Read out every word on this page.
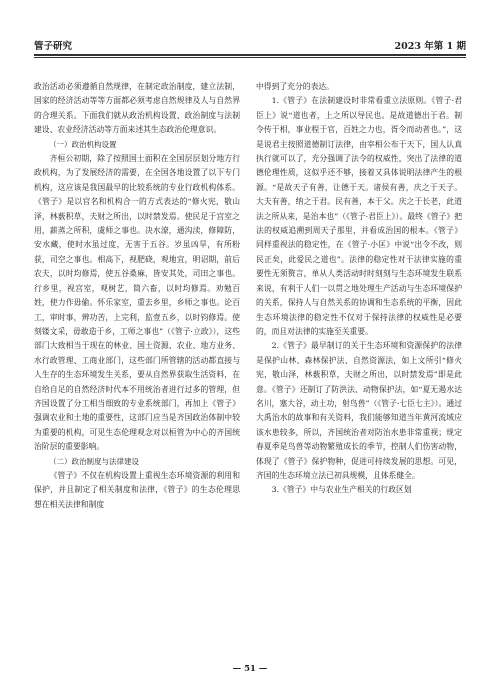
管子研究	2023 年第 1 期

政治活动必须遵循自然规律，在制定政治制度，建立法制，国家的经济活动等等方面都必须考虑自然规律及人与自然界的合理关系。下面我们就从政治机构设置、政治制度与法制建设、农业经济活动等方面来述其生态政治伦理意识。

（一）政治机构设置

齐桓公初期，除了按照国土面积在全国层层划分地方行政机构，为了发展经济的需要，在全国各地设置了以下专门机构，这应该是我国最早的比较系统的专业行政机构体系。《管子》是以官名和机构合一的方式表达的“修火宪，敬山泽，林薮积草，夫财之所出，以时禁发焉。使民足于宫室之用，薪蒸之所积，虞师之事也。决水潦，通沟渎，修障防，安水藏，使时水虽过度，无害于五谷。岁虽凶旱，有所粉获，司空之事也。相高下，视肥硗，观地宜，明诏期，前后农夫，以时均修焉，使五谷桑麻，皆安其处，司田之事也。行乡里，视宫室，观树艺，简六畜，以时均修焉。劝勉百姓，使力作毋偷。怀乐家室，重去乡里，乡师之事也。论百工，审时事，辨功苦，上完利，监壹五乡，以时钧修焉。使刻镂文采，毋敢造于乡，工师之事也”（《管子·立政》），这些部门大致相当于现在的林业、国土资源、农业、地方业务、水行政管理、工商业部门，这些部门所管辖的活动都直接与人生存的生态环境发生关系，要从自然界获取生活资料，在自给自足的自然经济时代本不用统治者进行过多的管理，但齐国设置了分工相当细致的专业系统部门，再加上《管子》强调农业和土地的重要性，这部门应当是齐国政治体制中较为重要的机构，可见生态伦理观念对以桓管为中心的齐国统治阶层的重要影响。

（二）政治制度与法律建设

《管子》不仅在机构设置上重视生态环境资源的利用和保护，并且制定了相关制度和法律，《管子》的生态伦理思想在相关法律和制度

中得到了充分的表达。

1.《管子》在法制建设时非常看重立法原则。《管子·君臣上》说“道也者，上之所以导民也。是故道德出于君。制令传于相，事业程于官，百姓之力也，胥令而动者也。”，这是说君主按照道德制订法律，由宰相公布于天下，国人认真执行就可以了，充分强调了法令的权威性，突出了法律的道德伦理性质，这似乎还不够，接着又具体说明法律产生的根源。“是故天子有善，让德于天。诸侯有善，庆之于天子。大夫有善，纳之于君。民有善，本于父。庆之于长老，此道法之所从来，是治本也”（《管子·君臣上》）。最终《管子》把法的权威追溯到周天子那里，并看成治国的根本。《管子》同样重视法的稳定性，在《管子·小匡》中说“出令不改，则民正矣，此爱民之道也”。法律的稳定性对于法律实施的重要性无须赘言，单从人类活动时时刻刻与生态环境发生联系来说，有利于人们一以贯之地处理生产活动与生态环境保护的关系，保持人与自然关系的协调和生态系统的平衡，因此生态环境法律的稳定性不仅对于保持法律的权威性是必要的，而且对法律的实施至关重要。

2.《管子》最早制订的关于生态环境和资源保护的法律是保护山林、森林保护法、自然资源法，如上文所引“修火宪，敬山泽，林薮积草，夫财之所出，以时禁发焉”即是此意。《管子》还制订了防洪法、动物保护法，如“夏无遏水达名川，塞大谷，动土功，射鸟兽”（《管子·七臣七主》）。通过大禹治水的故事和有关资料，我们能够知道当年黄河流域应该水患较多，所以，齐国统治者对防治水患非常重视；规定春夏季是鸟兽等动物繁殖成长的季节，控制人们伤害动物，体现了《管子》保护物种，促进可持续发展的思想。可见，齐国的生态环境立法已初具规模，且体系健全。

3.《管子》中与农业生产相关的行政区划

— 51 —
